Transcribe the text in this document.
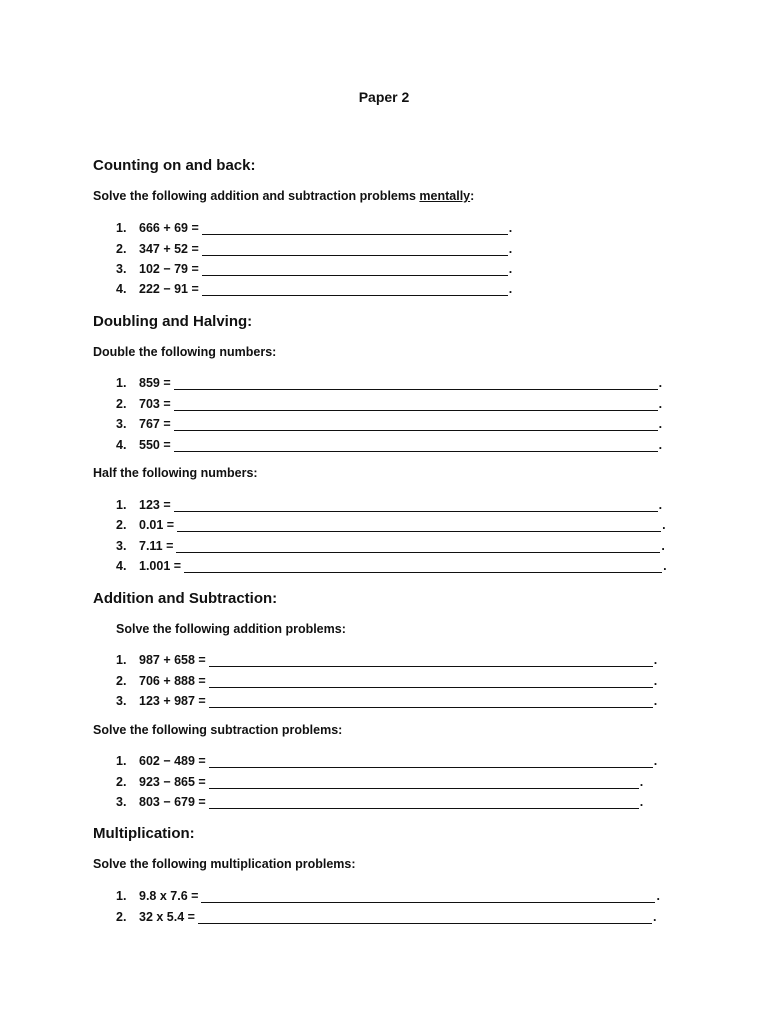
Paper 2
Counting on and back:
Solve the following addition and subtraction problems mentally:
1.	666 + 69 =	.
2.	347 + 52 =	.
3.	102 − 79 =	.
4.	222 − 91 =	.
Doubling and Halving:
Double the following numbers:
1.	859 =	.
2.	703 =	.
3.	767 =	.
4.	550 =	.
Half the following numbers:
1.	123 =	.
2.	0.01 =	.
3.	7.11 =	.
4.	1.001 =	.
Addition and Subtraction:
Solve the following addition problems:
1.	987 + 658 =	.
2.	706 + 888 =	.
3.	123 + 987 =	.
Solve the following subtraction problems:
1.	602 − 489 =	.
2.	923 − 865 =	.
3.	803 − 679 =	.
Multiplication:
Solve the following multiplication problems:
1.	9.8 x 7.6 =	.
2.	32 x 5.4 =	.
